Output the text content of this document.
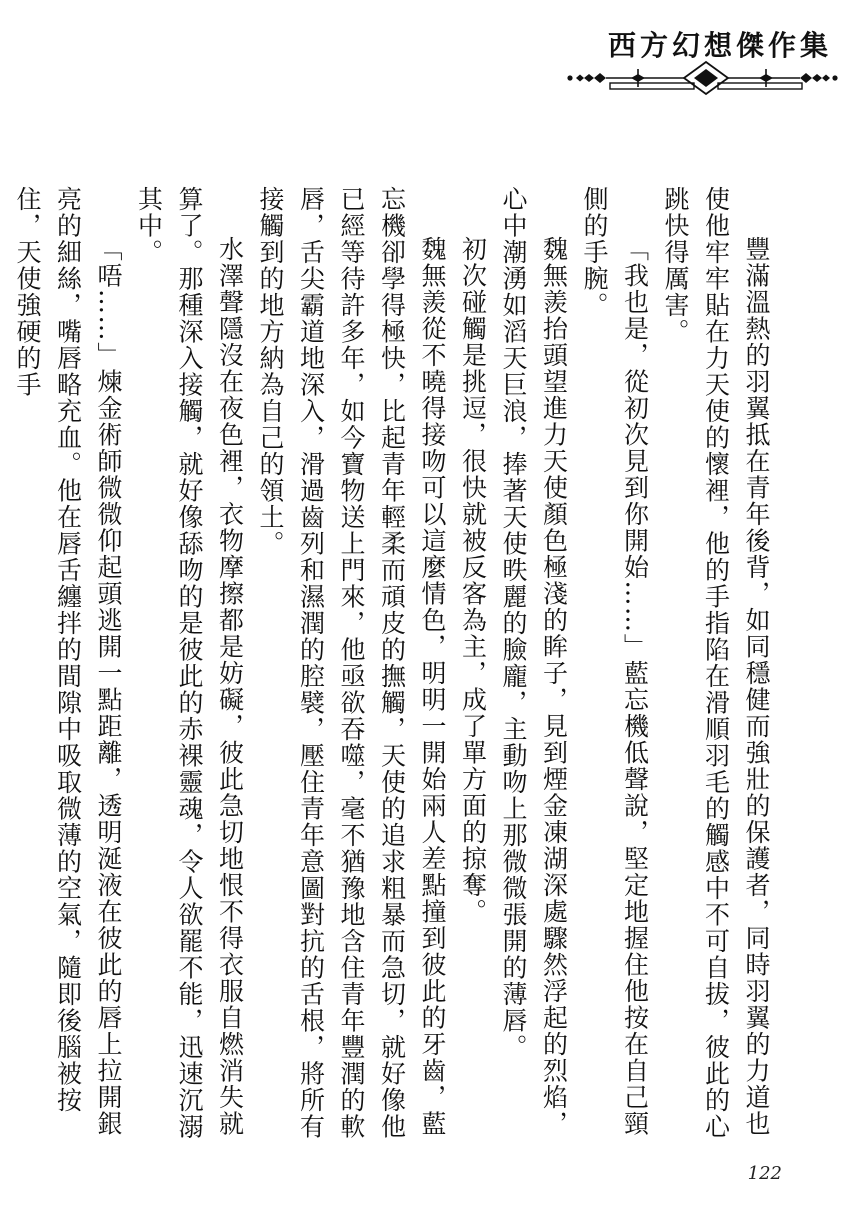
西方幻想傑作集

豐滿溫熱的羽翼抵在青年後背，如同穩健而強壯的保護者，同時羽翼的力道也使他牢牢貼在力天使的懷裡，他的手指陷在滑順羽毛的觸感中不可自拔，彼此的心跳快得厲害。

「我也是，從初次見到你開始……」藍忘機低聲說，堅定地握住他按在自己頸側的手腕。

魏無羨抬頭望進力天使顏色極淺的眸子，見到煙金凍湖深處驟然浮起的烈焰，心中潮湧如滔天巨浪，捧著天使昳麗的臉龐，主動吻上那微微張開的薄唇。

初次碰觸是挑逗，很快就被反客為主，成了單方面的掠奪。

魏無羨從不曉得接吻可以這麼情色，明明一開始兩人差點撞到彼此的牙齒，藍忘機卻學得極快，比起青年輕柔而頑皮的撫觸，天使的追求粗暴而急切，就好像他已經等待許多年，如今寶物送上門來，他亟欲吞噬，毫不猶豫地含住青年豐潤的軟唇，舌尖霸道地深入，滑過齒列和濕潤的腔襞，壓住青年意圖對抗的舌根，將所有接觸到的地方納為自己的領土。

水澤聲隱沒在夜色裡，衣物摩擦都是妨礙，彼此急切地恨不得衣服自燃消失就算了。那種深入接觸，就好像舔吻的是彼此的赤裸靈魂，令人欲罷不能，迅速沉溺其中。

「唔……」煉金術師微微仰起頭逃開一點距離，透明涎液在彼此的唇上拉開銀亮的細絲，嘴唇略充血。他在唇舌纏拌的間隙中吸取微薄的空氣，隨即後腦被按住，天使強硬的手

122
